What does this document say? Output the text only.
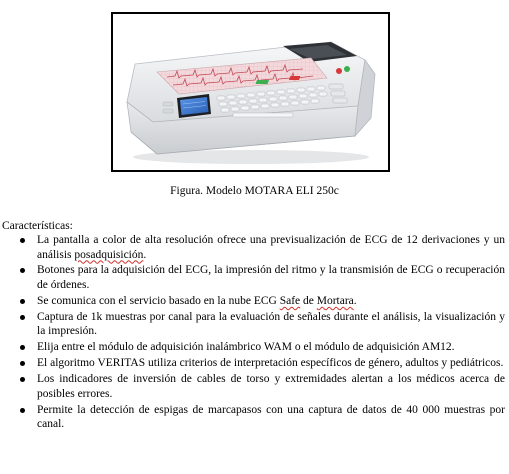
Figura. Modelo MOTARA ELI 250c
Características:
La pantalla a color de alta resolución ofrece una previsualización de ECG de 12 derivaciones y un análisis posadquisición.
Botones para la adquisición del ECG, la impresión del ritmo y la transmisión de ECG o recuperación de órdenes.
Se comunica con el servicio basado en la nube ECG Safe de Mortara.
Captura de 1k muestras por canal para la evaluación de señales durante el análisis, la visualización y la impresión.
Elija entre el módulo de adquisición inalámbrico WAM o el módulo de adquisición AM12.
El algoritmo VERITAS utiliza criterios de interpretación específicos de género, adultos y pediátricos.
Los indicadores de inversión de cables de torso y extremidades alertan a los médicos acerca de posibles errores.
Permite la detección de espigas de marcapasos con una captura de datos de 40 000 muestras por canal.
